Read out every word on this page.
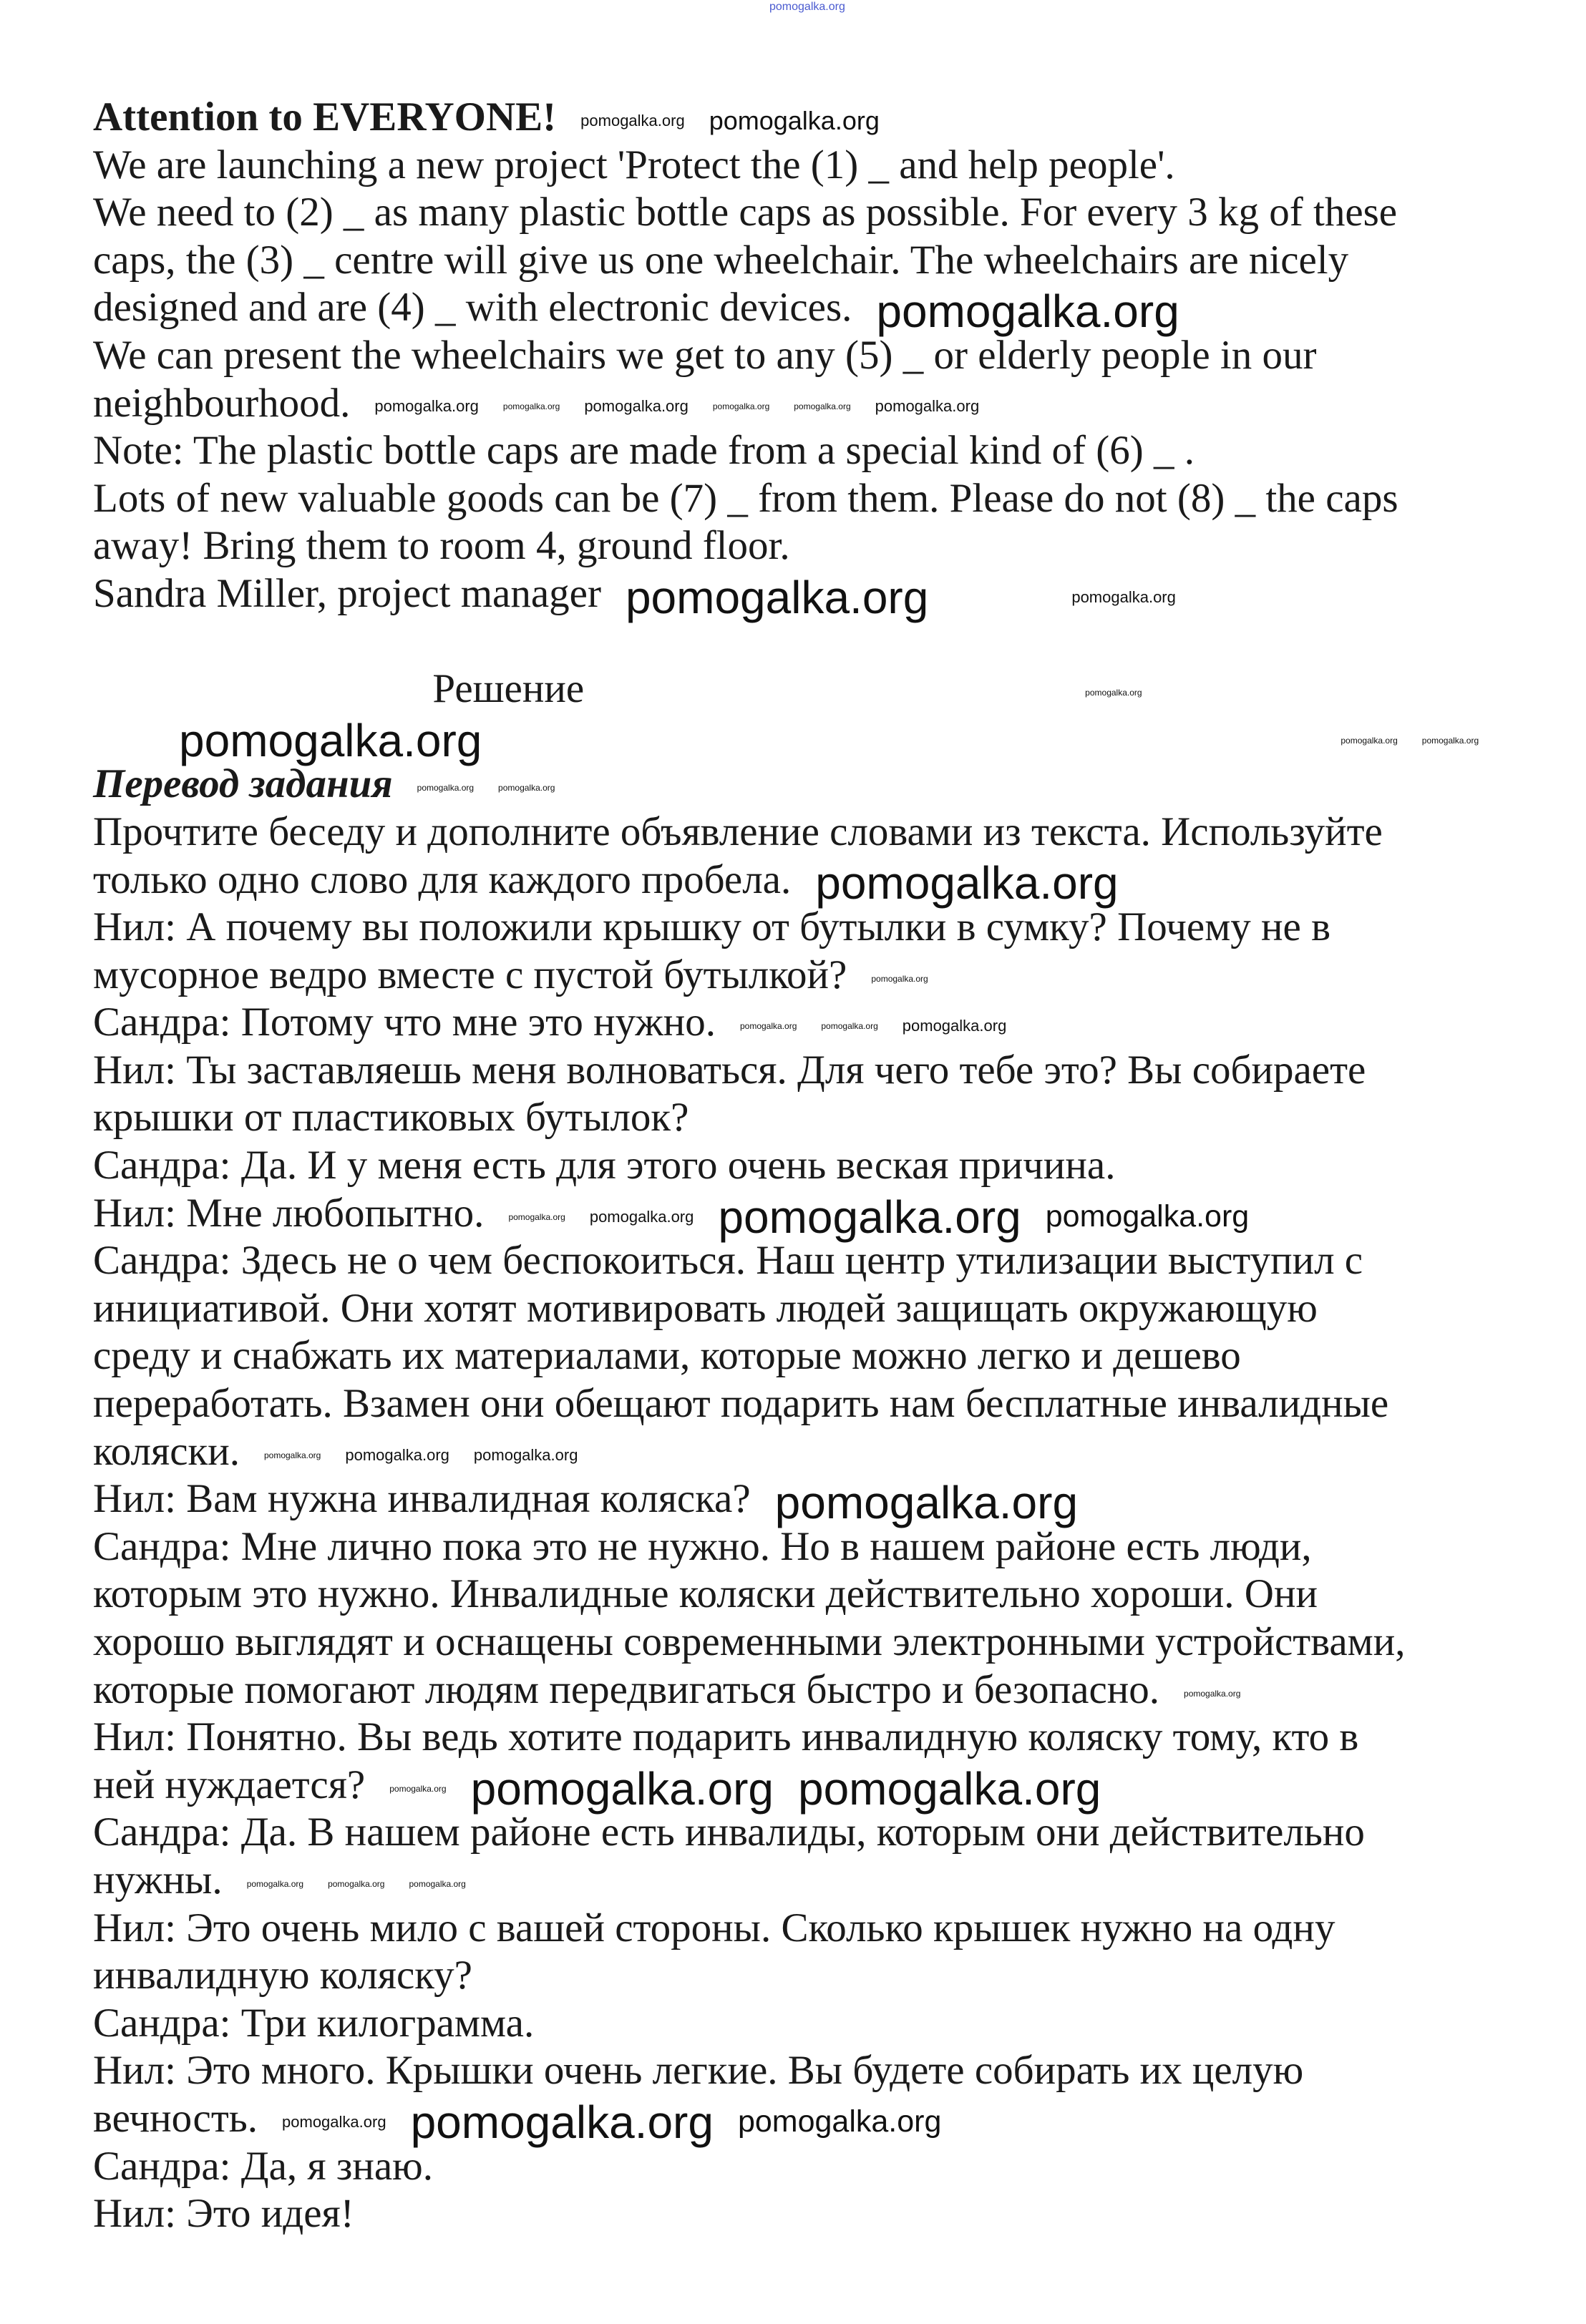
pomogalka.org
Attention to EVERYONE! pomogalka.org pomogalka.org
We are launching a new project 'Protect the (1) _ and help people'.
We need to (2) _ as many plastic bottle caps as possible. For every 3 kg of these
caps, the (3) _ centre will give us one wheelchair. The wheelchairs are nicely
designed and are (4) _ with electronic devices. pomogalka.org
We can present the wheelchairs we get to any (5) _ or elderly people in our
neighbourhood. pomogalka.org	pomogalka.org pomogalka.org	pomogalka.org	pomogalka.org pomogalka.org
Note: The plastic bottle caps are made from a special kind of (6) _ .
Lots of new valuable goods can be (7) _ from them. Please do not (8) _ the caps
away! Bring them to room 4, ground floor.
Sandra Miller, project manager pomogalka.org	pomogalka.org
Решение	pomogalka.org
pomogalka.org	pomogalka.org	pomogalka.org
Перевод задания	pomogalka.org	pomogalka.org
Прочтите беседу и дополните объявление словами из текста. Используйте
только одно слово для каждого пробела. pomogalka.org
Нил: А почему вы положили крышку от бутылки в сумку? Почему не в
мусорное ведро вместе с пустой бутылкой?	pomogalka.org
Сандра: Потому что мне это нужно.	pomogalka.org	pomogalka.org pomogalka.org
Нил: Ты заставляешь меня волноваться. Для чего тебе это? Вы собираете
крышки от пластиковых бутылок?
Сандра: Да. И у меня есть для этого очень веская причина.
Нил: Мне любопытно.	pomogalka.org pomogalka.org pomogalka.org pomogalka.org
Сандра: Здесь не о чем беспокоиться. Наш центр утилизации выступил с
инициативой. Они хотят мотивировать людей защищать окружающую
среду и снабжать их материалами, которые можно легко и дешево
переработать. Взамен они обещают подарить нам бесплатные инвалидные
коляски.	pomogalka.org pomogalka.org pomogalka.org
Нил: Вам нужна инвалидная коляска? pomogalka.org
Сандра: Мне лично пока это не нужно. Но в нашем районе есть люди,
которым это нужно. Инвалидные коляски действительно хороши. Они
хорошо выглядят и оснащены современными электронными устройствами,
которые помогают людям передвигаться быстро и безопасно.	pomogalka.org
Нил: Понятно. Вы ведь хотите подарить инвалидную коляску тому, кто в
ней нуждается?	pomogalka.org pomogalka.org pomogalka.org
Сандра: Да. В нашем районе есть инвалиды, которым они действительно
нужны.	pomogalka.org	pomogalka.org	pomogalka.org
Нил: Это очень мило с вашей стороны. Сколько крышек нужно на одну
инвалидную коляску?
Сандра: Три килограмма.
Нил: Это много. Крышки очень легкие. Вы будете собирать их целую
вечность. pomogalka.org pomogalka.org pomogalka.org
Сандра: Да, я знаю.
Нил: Это идея!
